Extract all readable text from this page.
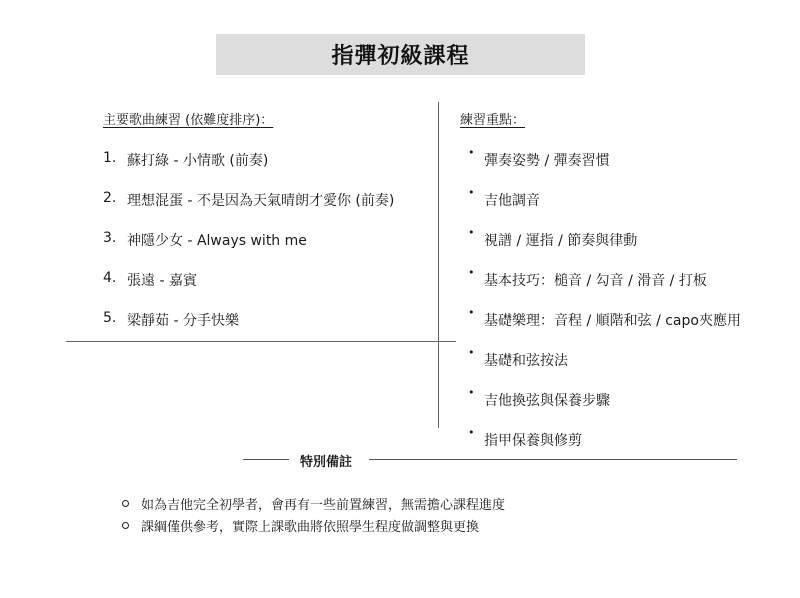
指彈初級課程
主要歌曲練習 (依難度排序)：
1. 蘇打綠 - 小情歌 (前奏)
2. 理想混蛋 - 不是因為天氣晴朗才愛你 (前奏)
3. 神隱少女 - Always with me
4. 張遠 - 嘉賓
5. 梁靜茹 - 分手快樂
練習重點：
•
彈奏姿勢 / 彈奏習慣
•
吉他調音
•
視譜 / 運指 / 節奏與律動
•
基本技巧：槌音 / 勾音 / 滑音 / 打板
•
基礎樂理：音程 / 順階和弦 / capo夾應用
•
基礎和弦按法
•
吉他換弦與保養步驟
•
指甲保養與修剪
特別備註
如為吉他完全初學者，會再有一些前置練習，無需擔心課程進度
課綱僅供參考，實際上課歌曲將依照學生程度做調整與更換
